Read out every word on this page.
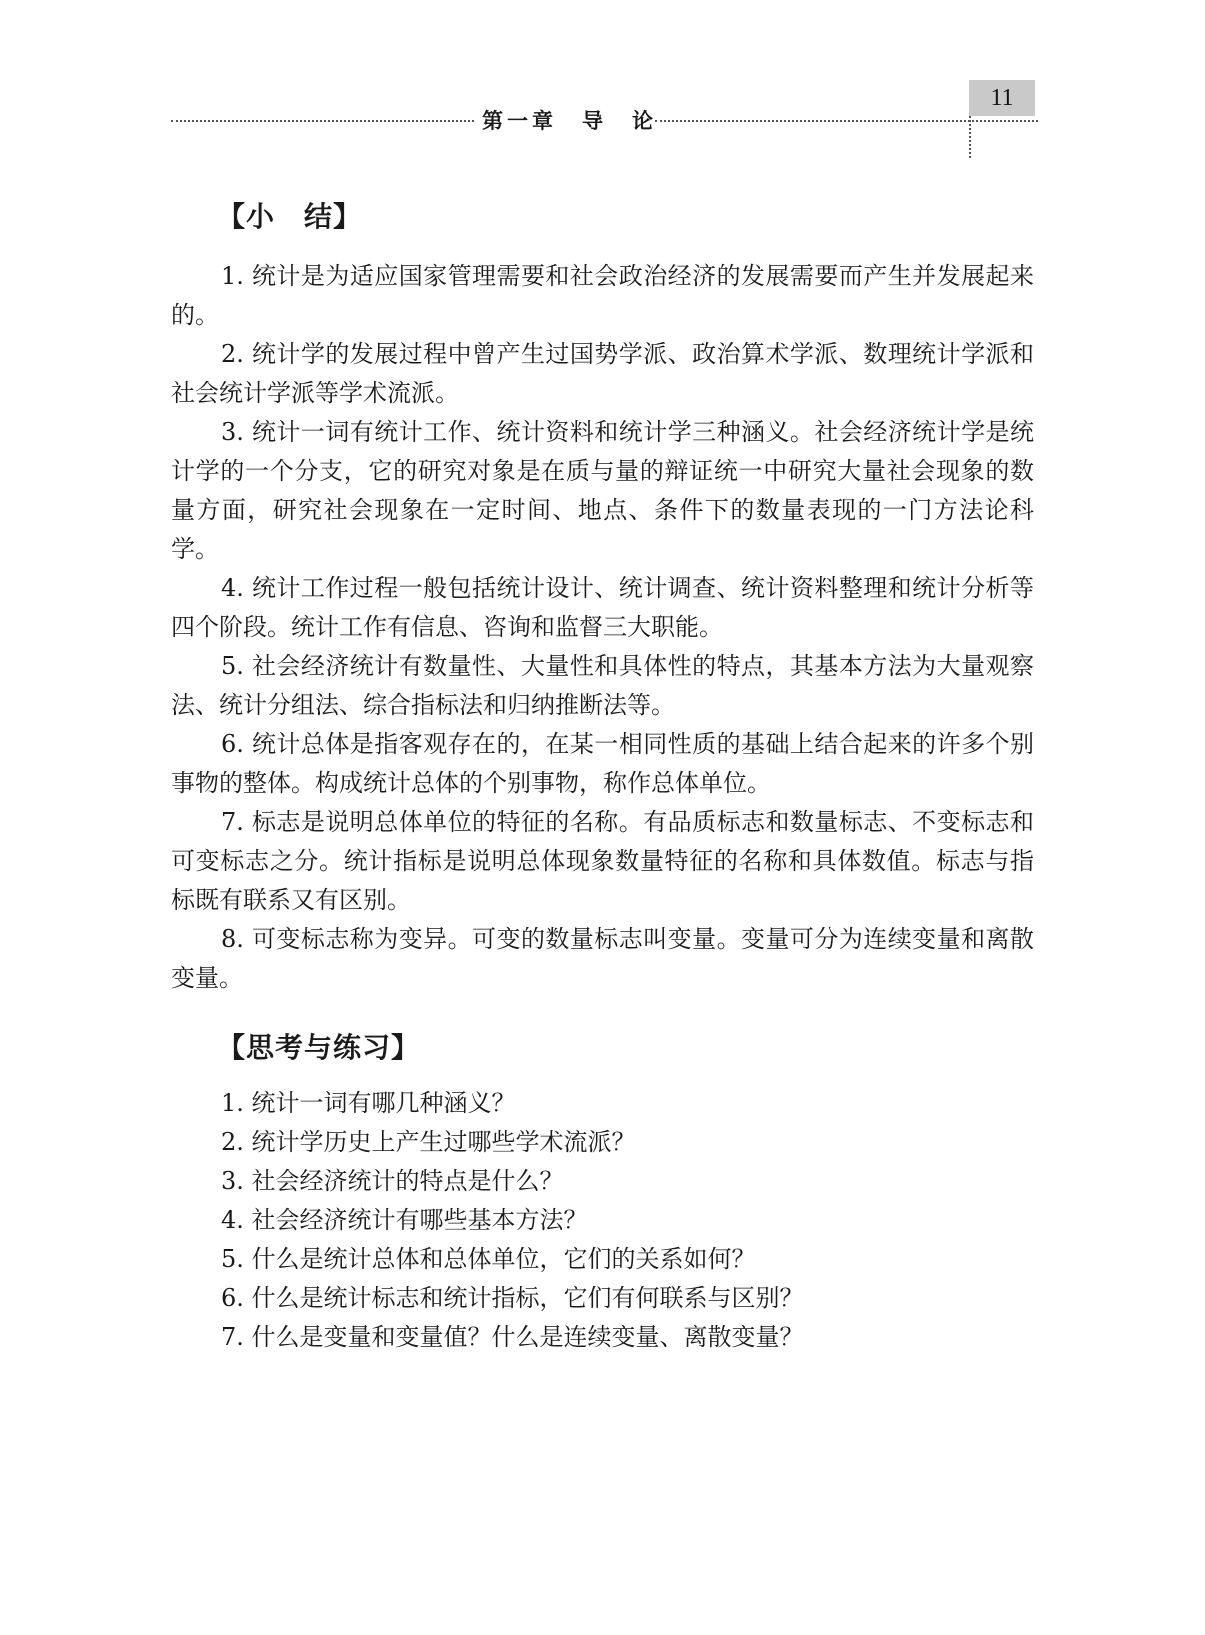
第一章　导　论
11
【小　结】

1. 统计是为适应国家管理需要和社会政治经济的发展需要而产生并发展起来的。

2. 统计学的发展过程中曾产生过国势学派、政治算术学派、数理统计学派和社会统计学派等学术流派。

3. 统计一词有统计工作、统计资料和统计学三种涵义。社会经济统计学是统计学的一个分支，它的研究对象是在质与量的辩证统一中研究大量社会现象的数量方面，研究社会现象在一定时间、地点、条件下的数量表现的一门方法论科学。

4. 统计工作过程一般包括统计设计、统计调查、统计资料整理和统计分析等四个阶段。统计工作有信息、咨询和监督三大职能。

5. 社会经济统计有数量性、大量性和具体性的特点，其基本方法为大量观察法、统计分组法、综合指标法和归纳推断法等。

6. 统计总体是指客观存在的，在某一相同性质的基础上结合起来的许多个别事物的整体。构成统计总体的个别事物，称作总体单位。

7. 标志是说明总体单位的特征的名称。有品质标志和数量标志、不变标志和可变标志之分。统计指标是说明总体现象数量特征的名称和具体数值。标志与指标既有联系又有区别。

8. 可变标志称为变异。可变的数量标志叫变量。变量可分为连续变量和离散变量。

【思考与练习】
1. 统计一词有哪几种涵义？
2. 统计学历史上产生过哪些学术流派？
3. 社会经济统计的特点是什么？
4. 社会经济统计有哪些基本方法？
5. 什么是统计总体和总体单位，它们的关系如何？
6. 什么是统计标志和统计指标，它们有何联系与区别？
7. 什么是变量和变量值？什么是连续变量、离散变量？
